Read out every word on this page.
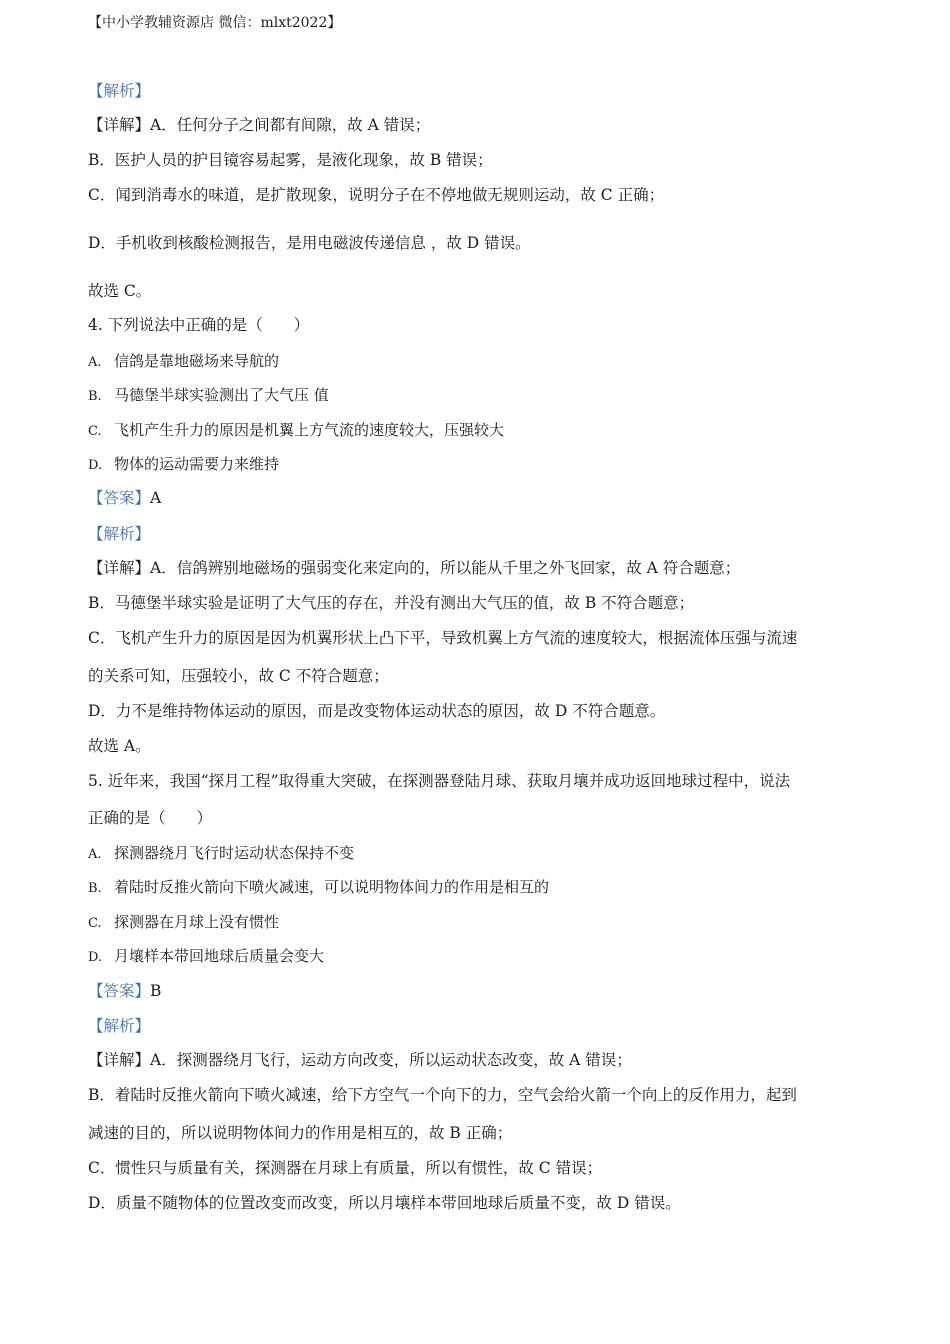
【中小学教辅资源店 微信：mlxt2022】
【解析】
【详解】A．任何分子之间都有间隙，故 A 错误；
B．医护人员的护目镜容易起雾，是液化现象，故 B 错误；
C．闻到消毒水的味道，是扩散现象，说明分子在不停地做无规则运动，故 C 正确；
D．手机收到核酸检测报告，是用电磁波传递信息 ，故 D 错误。
故选 C。
4. 下列说法中正确的是（　　）
A. 信鸽是靠地磁场来导航的
B. 马德堡半球实验测出了大气压 值
C. 飞机产生升力的原因是机翼上方气流的速度较大，压强较大
D. 物体的运动需要力来维持
【答案】A
【解析】
【详解】A．信鸽辨别地磁场的强弱变化来定向的，所以能从千里之外飞回家，故 A 符合题意；
B．马德堡半球实验是证明了大气压的存在，并没有测出大气压的值，故 B 不符合题意；
C．飞机产生升力的原因是因为机翼形状上凸下平，导致机翼上方气流的速度较大，根据流体压强与流速
的关系可知，压强较小，故 C 不符合题意；
D．力不是维持物体运动的原因，而是改变物体运动状态的原因，故 D 不符合题意。
故选 A。
5. 近年来，我国“探月工程”取得重大突破，在探测器登陆月球、获取月壤并成功返回地球过程中，说法
正确的是（　　）
A. 探测器绕月飞行时运动状态保持不变
B. 着陆时反推火箭向下喷火减速，可以说明物体间力的作用是相互的
C. 探测器在月球上没有惯性
D. 月壤样本带回地球后质量会变大
【答案】B
【解析】
【详解】A．探测器绕月飞行，运动方向改变，所以运动状态改变，故 A 错误；
B．着陆时反推火箭向下喷火减速，给下方空气一个向下的力，空气会给火箭一个向上的反作用力，起到
减速的目的，所以说明物体间力的作用是相互的，故 B 正确；
C．惯性只与质量有关，探测器在月球上有质量，所以有惯性，故 C 错误；
D．质量不随物体的位置改变而改变，所以月壤样本带回地球后质量不变，故 D 错误。
